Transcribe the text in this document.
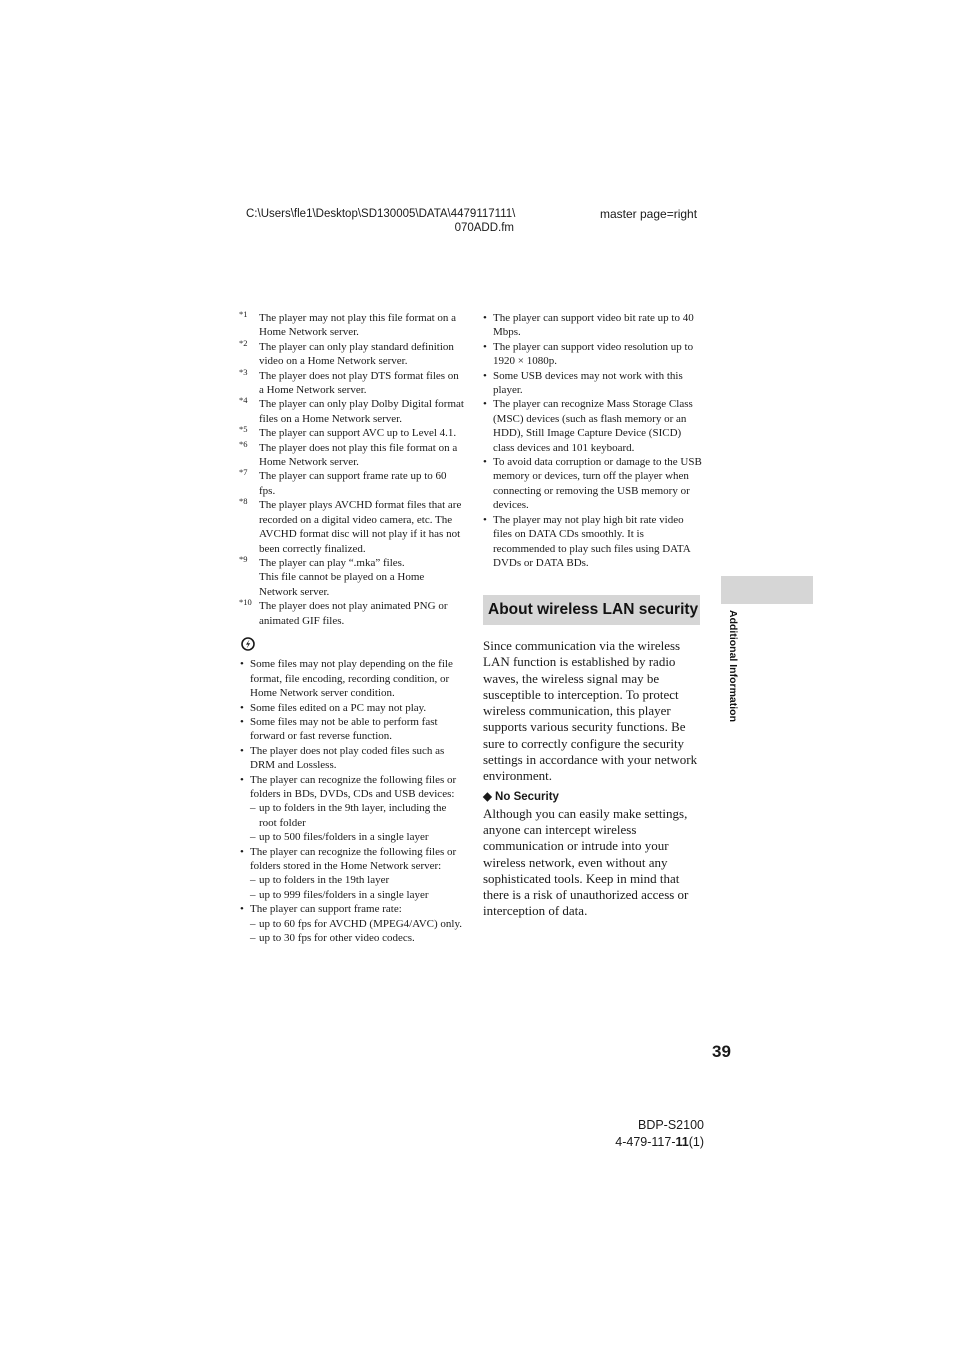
C:\Users\fle1\Desktop\SD130005\DATA\4479117111\
070ADD.fm
master page=right
*1 The player may not play this file format on a Home Network server.
*2 The player can only play standard definition video on a Home Network server.
*3 The player does not play DTS format files on a Home Network server.
*4 The player can only play Dolby Digital format files on a Home Network server.
*5 The player can support AVC up to Level 4.1.
*6 The player does not play this file format on a Home Network server.
*7 The player can support frame rate up to 60 fps.
*8 The player plays AVCHD format files that are recorded on a digital video camera, etc. The AVCHD format disc will not play if it has not been correctly finalized.
*9 The player can play “.mka” files.
This file cannot be played on a Home Network server.
*10 The player does not play animated PNG or animated GIF files.
• Some files may not play depending on the file format, file encoding, recording condition, or Home Network server condition.
• Some files edited on a PC may not play.
• Some files may not be able to perform fast forward or fast reverse function.
• The player does not play coded files such as DRM and Lossless.
• The player can recognize the following files or folders in BDs, DVDs, CDs and USB devices:
– up to folders in the 9th layer, including the root folder
– up to 500 files/folders in a single layer
• The player can recognize the following files or folders stored in the Home Network server:
– up to folders in the 19th layer
– up to 999 files/folders in a single layer
• The player can support frame rate:
– up to 60 fps for AVCHD (MPEG4/AVC) only.
– up to 30 fps for other video codecs.
• The player can support video bit rate up to 40 Mbps.
• The player can support video resolution up to 1920 × 1080p.
• Some USB devices may not work with this player.
• The player can recognize Mass Storage Class (MSC) devices (such as flash memory or an HDD), Still Image Capture Device (SICD) class devices and 101 keyboard.
• To avoid data corruption or damage to the USB memory or devices, turn off the player when connecting or removing the USB memory or devices.
• The player may not play high bit rate video files on DATA CDs smoothly. It is recommended to play such files using DATA DVDs or DATA BDs.
About wireless LAN security
Since communication via the wireless LAN function is established by radio waves, the wireless signal may be susceptible to interception. To protect wireless communication, this player supports various security functions. Be sure to correctly configure the security settings in accordance with your network environment.
◆ No Security
Although you can easily make settings, anyone can intercept wireless communication or intrude into your wireless network, even without any sophisticated tools. Keep in mind that there is a risk of unauthorized access or interception of data.
Additional Information
39
BDP-S2100
4-479-117-11(1)
